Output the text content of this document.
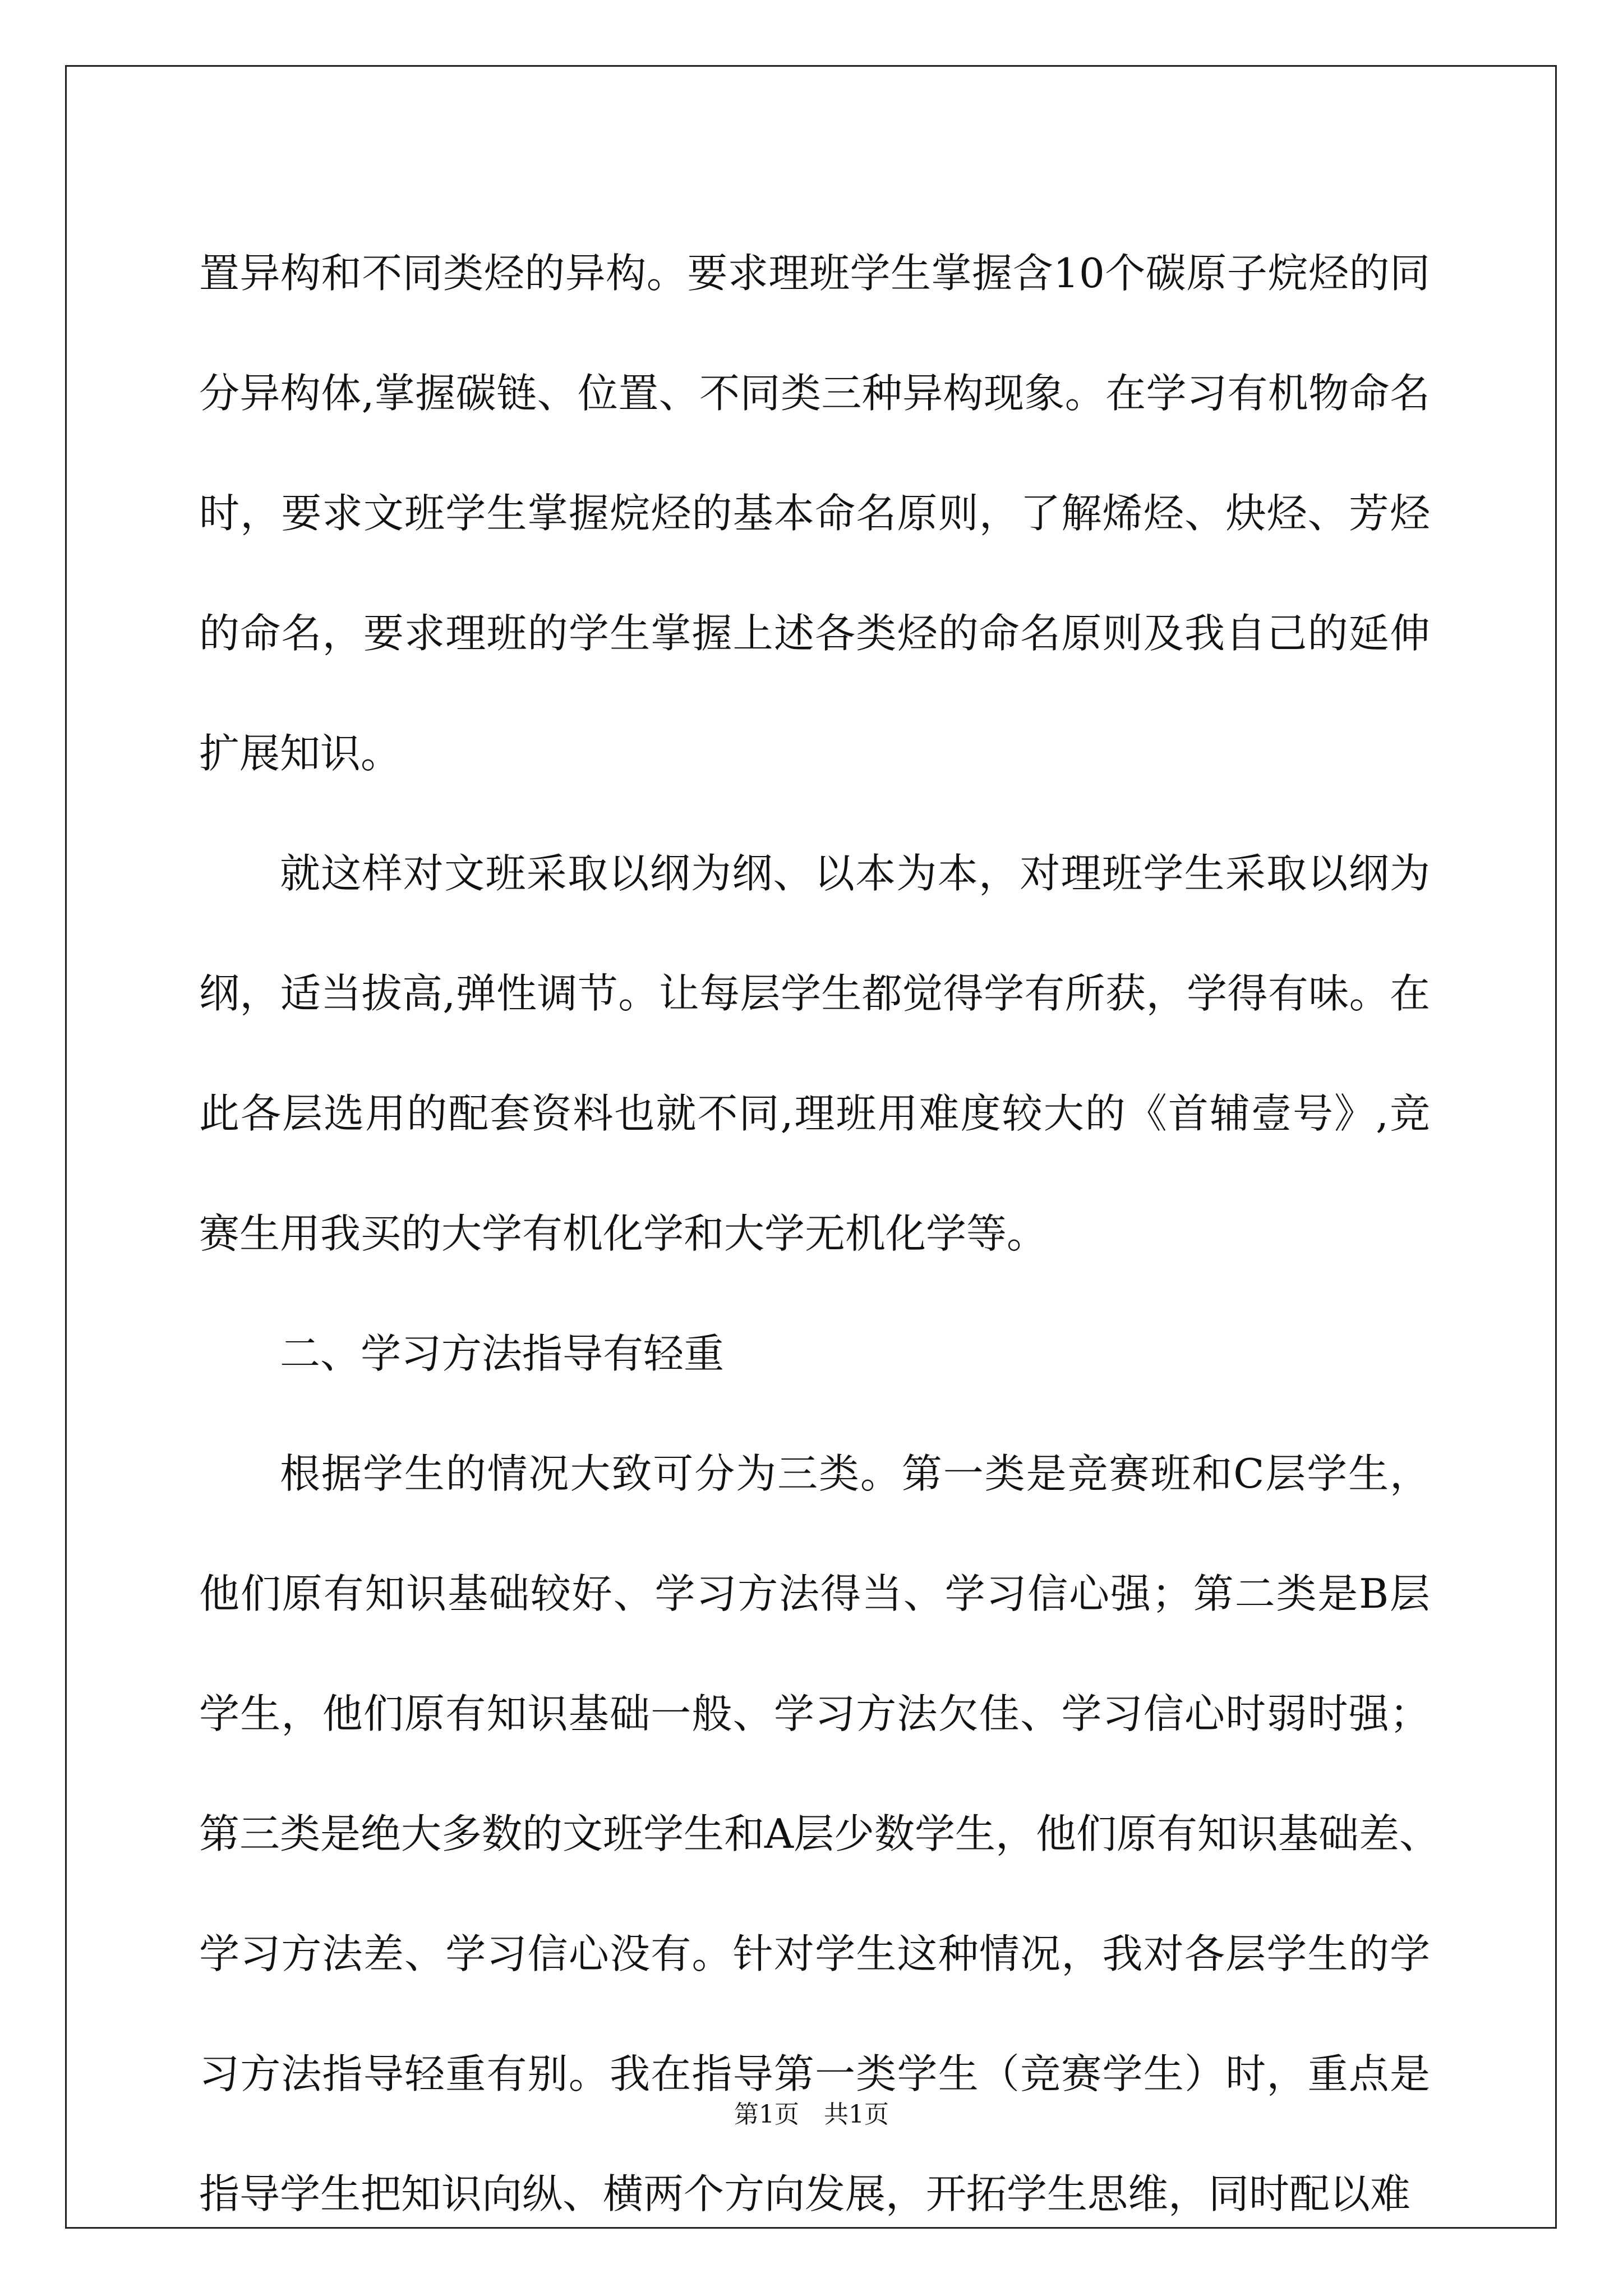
置异构和不同类烃的异构。要求理班学生掌握含10个碳原子烷烃的同
分异构体,掌握碳链、位置、不同类三种异构现象。在学习有机物命名
时，要求文班学生掌握烷烃的基本命名原则，了解烯烃、炔烃、芳烃
的命名，要求理班的学生掌握上述各类烃的命名原则及我自己的延伸
扩展知识。
就这样对文班采取以纲为纲、以本为本，对理班学生采取以纲为
纲，适当拔高,弹性调节。让每层学生都觉得学有所获，学得有味。在
此各层选用的配套资料也就不同,理班用难度较大的《首辅壹号》,竞
赛生用我买的大学有机化学和大学无机化学等。
二、学习方法指导有轻重
根据学生的情况大致可分为三类。第一类是竞赛班和C层学生，
他们原有知识基础较好、学习方法得当、学习信心强；第二类是B层
学生，他们原有知识基础一般、学习方法欠佳、学习信心时弱时强；
第三类是绝大多数的文班学生和A层少数学生，他们原有知识基础差、
学习方法差、学习信心没有。针对学生这种情况，我对各层学生的学
习方法指导轻重有别。我在指导第一类学生（竞赛学生）时，重点是
指导学生把知识向纵、横两个方向发展，开拓学生思维，同时配以难
第1页　共1页
